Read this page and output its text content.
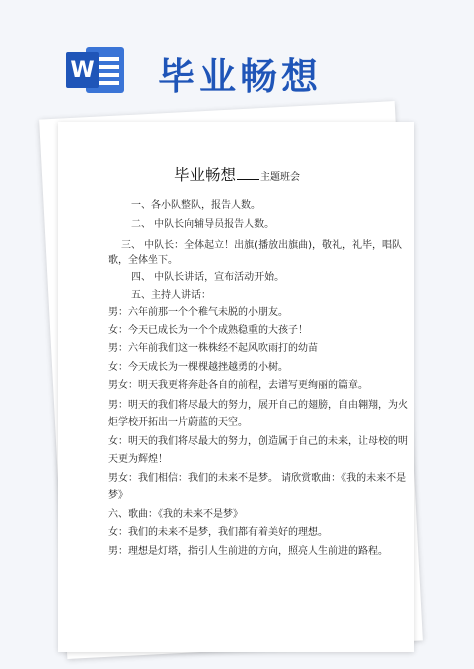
W 毕业畅想
毕业畅想 主题班会
一、各小队整队，报告人数。
二、 中队长向辅导员报告人数。
三、 中队长：全体起立！出旗(播放出旗曲)，敬礼，礼毕，唱队
歌，全体坐下。
四、 中队长讲话，宣布活动开始。
五、主持人讲话：
男：六年前那一个个稚气未脱的小朋友。
女：今天已成长为一个个成熟稳重的大孩子！
男：六年前我们这一株株经不起风吹雨打的幼苗
女：今天成长为一棵棵越挫越勇的小树。
男女：明天我更将奔赴各自的前程，去谱写更绚丽的篇章。
男：明天的我们将尽最大的努力，展开自己的翅膀，自由翱翔，为火
炬学校开拓出一片蔚蓝的天空。
女：明天的我们将尽最大的努力，创造属于自己的未来，让母校的明
天更为辉煌！
男女：我们相信：我们的未来不是梦。 请欣赏歌曲：《我的未来不是
梦》
六、歌曲：《我的未来不是梦》
女：我们的未来不是梦，我们都有着美好的理想。
男：理想是灯塔，指引人生前进的方向，照亮人生前进的路程。
